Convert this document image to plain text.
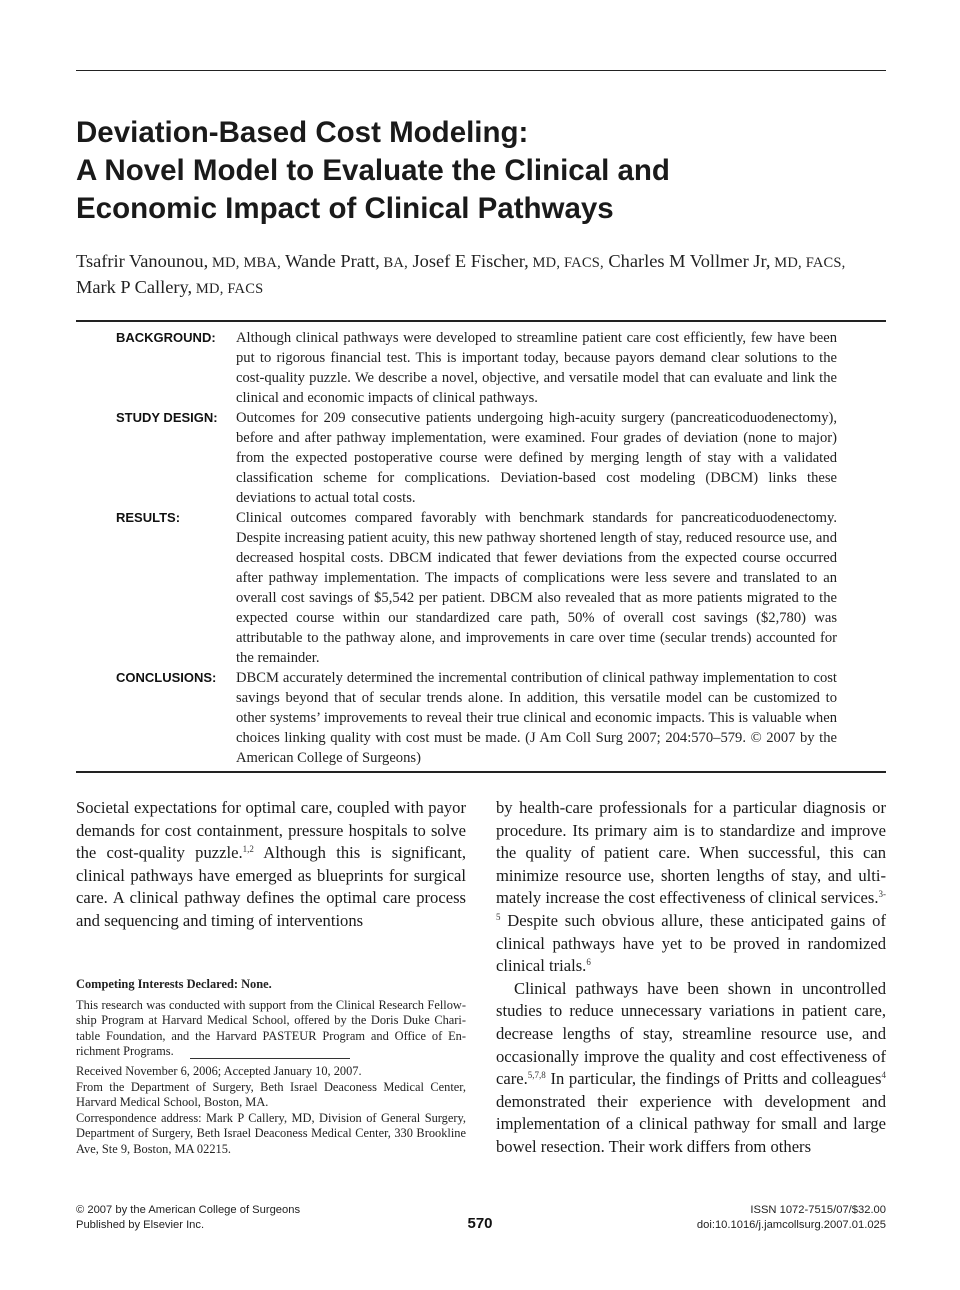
Deviation-Based Cost Modeling:
A Novel Model to Evaluate the Clinical and
Economic Impact of Clinical Pathways
Tsafrir Vanounou, MD, MBA, Wande Pratt, BA, Josef E Fischer, MD, FACS, Charles M Vollmer Jr, MD, FACS,
Mark P Callery, MD, FACS
BACKGROUND: Although clinical pathways were developed to streamline patient care cost efficiently, few have been put to rigorous financial test. This is important today, because payors demand clear solutions to the cost-quality puzzle. We describe a novel, objective, and versatile model that can evaluate and link the clinical and economic impacts of clinical pathways.
STUDY DESIGN: Outcomes for 209 consecutive patients undergoing high-acuity surgery (pancreaticoduodenectomy), before and after pathway implementation, were examined. Four grades of deviation (none to major) from the expected postoperative course were defined by merging length of stay with a validated classification scheme for complications. Deviation-based cost modeling (DBCM) links these deviations to actual total costs.
RESULTS:	Clinical outcomes compared favorably with benchmark standards for pancreaticoduodenectomy. Despite increasing patient acuity, this new pathway shortened length of stay, reduced resource use, and decreased hospital costs. DBCM indicated that fewer deviations from the expected course occurred after pathway implementation. The impacts of complications were less severe and translated to an overall cost savings of $5,542 per patient. DBCM also revealed that as more patients migrated to the expected course within our standardized care path, 50% of overall cost savings ($2,780) was attributable to the pathway alone, and improvements in care over time (secular trends) accounted for the remainder.
CONCLUSIONS: DBCM accurately determined the incremental contribution of clinical pathway implementation to cost savings beyond that of secular trends alone. In addition, this versatile model can be customized to other systems’ improvements to reveal their true clinical and economic impacts. This is valuable when choices linking quality with cost must be made. (J Am Coll Surg 2007; 204:570–579. © 2007 by the American College of Surgeons)

Societal expectations for optimal care, coupled with payor demands for cost containment, pressure hospitals to solve the cost-quality puzzle.$^{1,2}$ Although this is significant, clinical pathways have emerged as blueprints for surgical care. A clinical pathway defines the optimal care process and sequencing and timing of interventions

Competing Interests Declared: None.

This research was conducted with support from the Clinical Research Fellowship Program at Harvard Medical School, offered by the Doris Duke Charitable Foundation, and the Harvard PASTEUR Program and Office of Enrichment Programs.

Received November 6, 2006; Accepted January 10, 2007.

From the Department of Surgery, Beth Israel Deaconess Medical Center, Harvard Medical School, Boston, MA.

Correspondence address: Mark P Callery, MD, Division of General Surgery, Department of Surgery, Beth Israel Deaconess Medical Center, 330 Brookline Ave, Ste 9, Boston, MA 02215.

by health-care professionals for a particular diagnosis or procedure. Its primary aim is to standardize and improve the quality of patient care. When successful, this can minimize resource use, shorten lengths of stay, and ultimately increase the cost effectiveness of clinical services.$^{3-5}$ Despite such obvious allure, these anticipated gains of clinical pathways have yet to be proved in randomized clinical trials.$^6$

Clinical pathways have been shown in uncontrolled studies to reduce unnecessary variations in patient care, decrease lengths of stay, streamline resource use, and occasionally improve the quality and cost effectiveness of care.$^{5,7,8}$ In particular, the findings of Pritts and colleagues$^4$ demonstrated their experience with development and implementation of a clinical pathway for small and large bowel resection. Their work differs from others

© 2007 by the American College of Surgeons
Published by Elsevier Inc.	570
ISSN 1072-7515/07/$32.00
doi:10.1016/j.jamcollsurg.2007.01.025
